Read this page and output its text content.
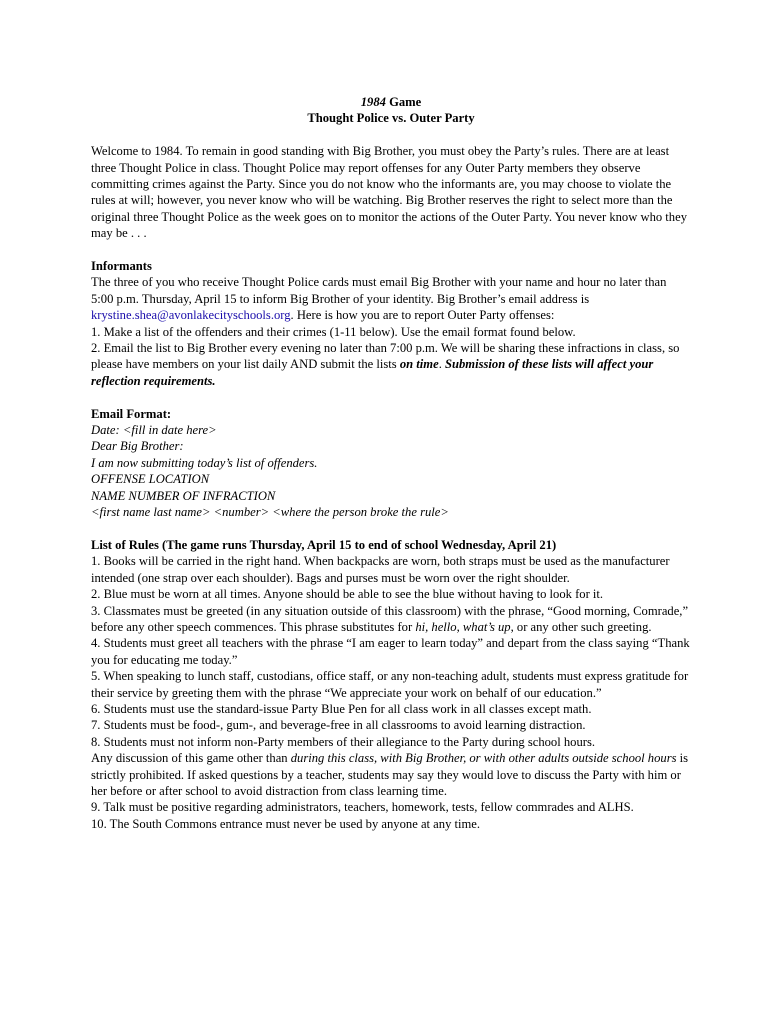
1984 Game
Thought Police vs. Outer Party

Welcome to 1984. To remain in good standing with Big Brother, you must obey the Party’s rules. There are at least three Thought Police in class. Thought Police may report offenses for any Outer Party members they observe committing crimes against the Party. Since you do not know who the informants are, you may choose to violate the rules at will; however, you never know who will be watching. Big Brother reserves the right to select more than the original three Thought Police as the week goes on to monitor the actions of the Outer Party. You never know who they may be . . .

Informants

The three of you who receive Thought Police cards must email Big Brother with your name and hour no later than 5:00 p.m. Thursday, April 15 to inform Big Brother of your identity. Big Brother’s email address is krystine.shea@avonlakecityschools.org. Here is how you are to report Outer Party offenses:

1. Make a list of the offenders and their crimes (1-11 below). Use the email format found below.

2. Email the list to Big Brother every evening no later than 7:00 p.m. We will be sharing these infractions in class, so please have members on your list daily AND submit the lists on time. Submission of these lists will affect your reflection requirements.

Email Format:
Date: <fill in date here>
Dear Big Brother:
I am now submitting today’s list of offenders.
OFFENSE LOCATION
NAME NUMBER OF INFRACTION
<first name last name> <number> <where the person broke the rule>
List of Rules (The game runs Thursday, April 15 to end of school Wednesday, April 21)

1. Books will be carried in the right hand. When backpacks are worn, both straps must be used as the manufacturer intended (one strap over each shoulder). Bags and purses must be worn over the right shoulder.

2. Blue must be worn at all times. Anyone should be able to see the blue without having to look for it.

3. Classmates must be greeted (in any situation outside of this classroom) with the phrase, “Good morning, Comrade,” before any other speech commences. This phrase substitutes for hi, hello, what’s up, or any other such greeting.

4. Students must greet all teachers with the phrase “I am eager to learn today” and depart from the class saying “Thank you for educating me today.”

5. When speaking to lunch staff, custodians, office staff, or any non-teaching adult, students must express gratitude for their service by greeting them with the phrase “We appreciate your work on behalf of our education.”

6. Students must use the standard-issue Party Blue Pen for all class work in all classes except math.

7. Students must be food-, gum-, and beverage-free in all classrooms to avoid learning distraction.

8. Students must not inform non-Party members of their allegiance to the Party during school hours.

Any discussion of this game other than during this class, with Big Brother, or with other adults outside school hours is strictly prohibited. If asked questions by a teacher, students may say they would love to discuss the Party with him or her before or after school to avoid distraction from class learning time.

9. Talk must be positive regarding administrators, teachers, homework, tests, fellow commrades and ALHS.

10. The South Commons entrance must never be used by anyone at any time.
